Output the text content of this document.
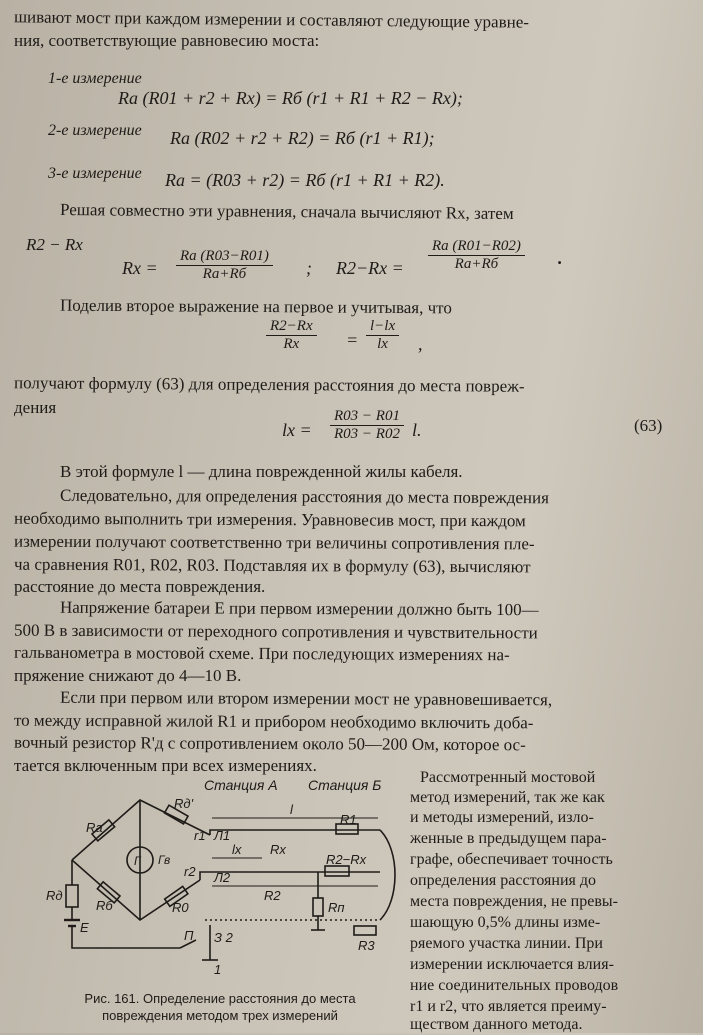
шивают мост при каждом измерении и составляют следующие уравне-
ния, соответствующие равновесию моста:
1-е измерение
Rа (R01 + r2 + Rx) = Rб (r1 + R1 + R2 − Rx);
2-е измерение Rа (R02 + r2 + R2) = Rб (r1 + R1);
3-е измерение Rа = (R03 + r2) = Rб (r1 + R1 + R2).
Решая совместно эти уравнения, сначала вычисляют Rx, затем
R2 − Rx
Rx =
Rа (R03−R01)
Rа+Rб	; R2−Rx =
Rа (R01−R02)
Rа+Rб	.
Поделив второе выражение на первое и учитывая, что
$\frac{R2-Rx}{Rx} = \frac{l-lx}{lx}$ ,
получают формулу (63) для определения расстояния до места повреж-
дения
lx = $\frac{R03 - R01}{R03 - R02} l$.	(63)
В этой формуле l — длина поврежденной жилы кабеля.
Следовательно, для определения расстояния до места повреждения
необходимо выполнить три измерения. Уравновесив мост, при каждом
измерении получают соответственно три величины сопротивления пле-
ча сравнения R01, R02, R03. Подставляя их в формулу (63), вычисляют
расстояние до места повреждения.
Напряжение батареи E при первом измерении должно быть 100—
500 В в зависимости от переходного сопротивления и чувствительности
гальванометра в мостовой схеме. При последующих измерениях на-
пряжение снижают до 4—10 В.
Если при первом или втором измерении мост не уравновешивается,
то между исправной жилой R1 и прибором необходимо включить доба-
вочный резистор R'д с сопротивлением около 50—200 Ом, которое ос-
тается включенным при всех измерениях.
Рассмотренный мостовой
метод измерений, так же как
и методы измерений, изло-
женные в предыдущем пара-
графе, обеспечивает точность
определения расстояния до
места повреждения, не превы-
шающую 0,5% длины изме-
ряемого участка линии. При
измерении исключается влия-
ние соединительных проводов
r1 и r2, что является преиму-
ществом данного метода.
Станция А Станция Б
Г Гв
Ra
Rд'
Rб
Rд
E
R0
r1
r2
Л1
Л2
l
lx Rx
R1
R2−Rx
R2
Rп
R3
П З 2
1
Рис. 161. Определение расстояния до места
повреждения методом трех измерений
